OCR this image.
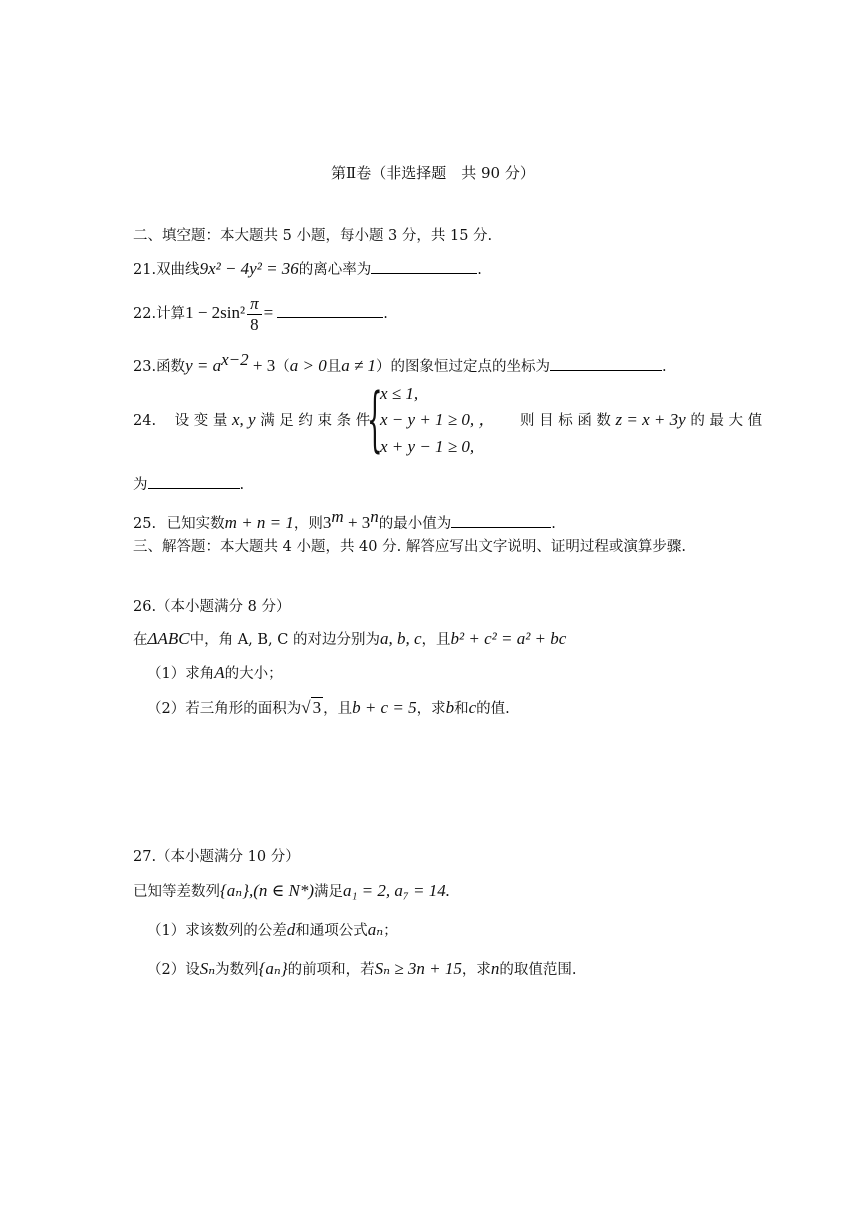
第Ⅱ卷（非选择题　共 90 分）
二、填空题：本大题共 5 小题，每小题 3 分，共 15 分.
21.双曲线9x² − 4y² = 36的离心率为	.
22.计算$1 - 2\sin^2 \frac{\pi}{8}$ =	.
23.函数$y = a^{x-2} + 3(a > 0$且a ≠ 1）的图象恒过定点的坐标为	.
24. 设 变 量 x, y 满 足 约 束 条 件
{
x ≤ 1,
x − y + 1 ≥ 0, ，
x + y − 1 ≥ 0,
则 目 标 函 数 z = x + 3y 的 最 大 值
为	.
25. 已知实数m + n = 1，则$3^m + 3^n$的最小值为	.
三、解答题：本大题共 4 小题，共 40 分. 解答应写出文字说明、证明过程或演算步骤.
26.（本小题满分 8 分）
在ΔABC中，角 A, B, C 的对边分别为a, b, c，且b² + c² = a² + bc
（1）求角A的大小；
（2）若三角形的面积为√ 3 ，且b + c = 5，求b和c的值.
27.（本小题满分 10 分）
已知等差数列{aₙ},(n ∈ N*)满足a₁ = 2, a₇ = 14.
（1）求该数列的公差d和通项公式aₙ；
（2）设Sₙ为数列{aₙ}的前项和，若Sₙ ≥ 3n + 15，求n的取值范围.
